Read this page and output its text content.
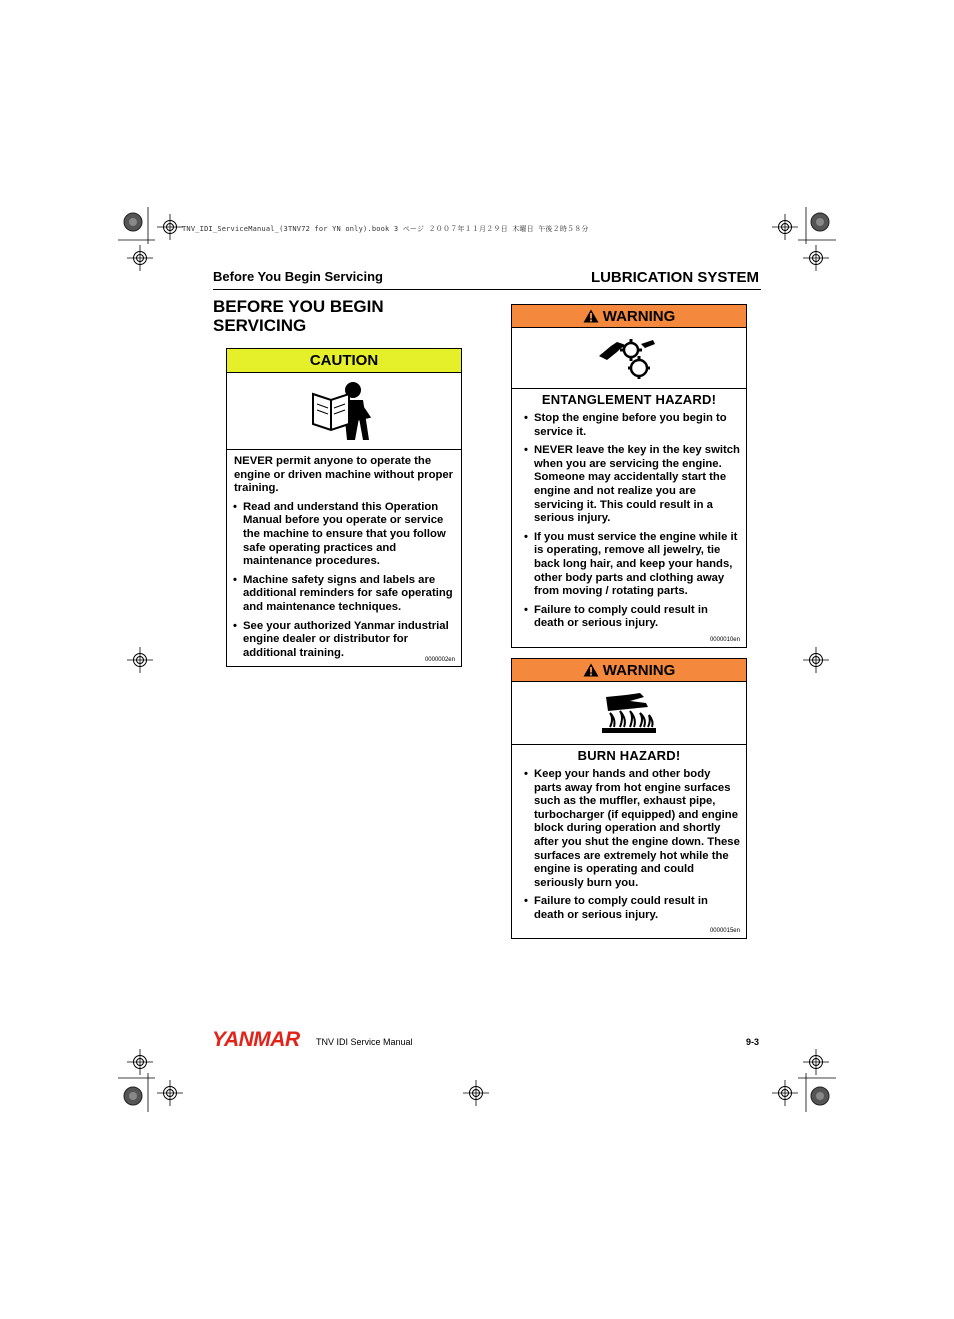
TNV_IDI_ServiceManual_(3TNV72 for YN only).book 3 ページ ２００７年１１月２９日 木曜日 午後２時５８分
Before You Begin Servicing	LUBRICATION SYSTEM
BEFORE YOU BEGIN SERVICING
CAUTION
NEVER permit anyone to operate the engine or driven machine without proper training.
• Read and understand this Operation Manual before you operate or service the machine to ensure that you follow safe operating practices and maintenance procedures.
• Machine safety signs and labels are additional reminders for safe operating and maintenance techniques.
• See your authorized Yanmar industrial engine dealer or distributor for additional training.
0000002en
WARNING
ENTANGLEMENT HAZARD!
• Stop the engine before you begin to service it.
• NEVER leave the key in the key switch when you are servicing the engine. Someone may accidentally start the engine and not realize you are servicing it. This could result in a serious injury.
• If you must service the engine while it is operating, remove all jewelry, tie back long hair, and keep your hands, other body parts and clothing away from moving / rotating parts.
• Failure to comply could result in death or serious injury.
0000010en
WARNING
BURN HAZARD!
• Keep your hands and other body parts away from hot engine surfaces such as the muffler, exhaust pipe, turbocharger (if equipped) and engine block during operation and shortly after you shut the engine down. These surfaces are extremely hot while the engine is operating and could seriously burn you.
• Failure to comply could result in death or serious injury.
0000015en
YANMAR TNV IDI Service Manual	9-3
